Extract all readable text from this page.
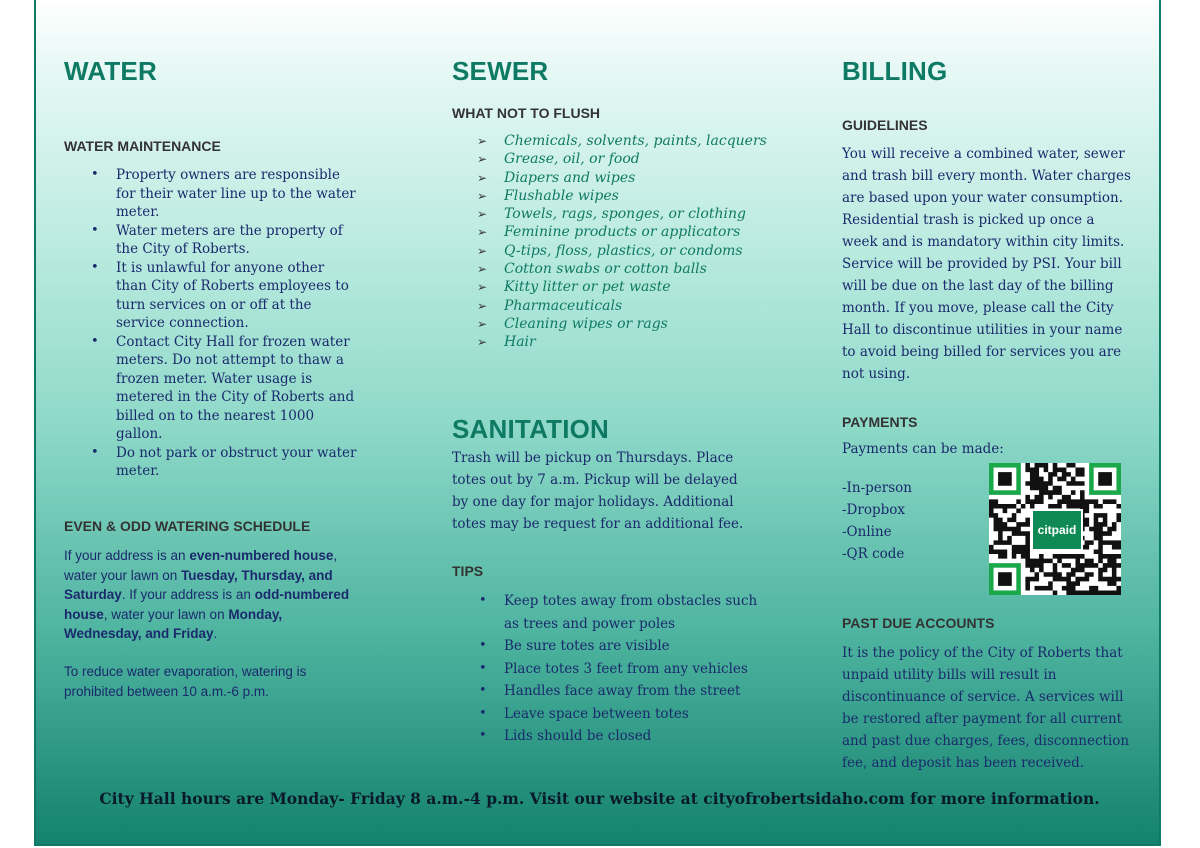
WATER
WATER MAINTENANCE
• Property owners are responsible for their water line up to the water meter.
• Water meters are the property of the City of Roberts.
• It is unlawful for anyone other than City of Roberts employees to turn services on or off at the service connection.
• Contact City Hall for frozen water meters. Do not attempt to thaw a frozen meter. Water usage is metered in the City of Roberts and billed on to the nearest 1000 gallon.
• Do not park or obstruct your water meter.
EVEN & ODD WATERING SCHEDULE
If your address is an even-numbered house, water your lawn on Tuesday, Thursday, and Saturday. If your address is an odd-numbered house, water your lawn on Monday, Wednesday, and Friday.
To reduce water evaporation, watering is prohibited between 10 a.m.-6 p.m.
SEWER
WHAT NOT TO FLUSH
➢ Chemicals, solvents, paints, lacquers
➢ Grease, oil, or food
➢ Diapers and wipes
➢ Flushable wipes
➢ Towels, rags, sponges, or clothing
➢ Feminine products or applicators
➢ Q-tips, floss, plastics, or condoms
➢ Cotton swabs or cotton balls
➢ Kitty litter or pet waste
➢ Pharmaceuticals
➢ Cleaning wipes or rags
➢ Hair
SANITATION
Trash will be pickup on Thursdays. Place totes out by 7 a.m. Pickup will be delayed by one day for major holidays. Additional totes may be request for an additional fee.
TIPS
• Keep totes away from obstacles such as trees and power poles
• Be sure totes are visible
• Place totes 3 feet from any vehicles
• Handles face away from the street
• Leave space between totes
• Lids should be closed
BILLING
GUIDELINES
You will receive a combined water, sewer and trash bill every month. Water charges are based upon your water consumption. Residential trash is picked up once a week and is mandatory within city limits. Service will be provided by PSI. Your bill will be due on the last day of the billing month. If you move, please call the City Hall to discontinue utilities in your name to avoid being billed for services you are not using.
PAYMENTS
Payments can be made:
-In-person
-Dropbox
-Online
-QR code
citpaid
PAST DUE ACCOUNTS
It is the policy of the City of Roberts that unpaid utility bills will result in discontinuance of service. A services will be restored after payment for all current and past due charges, fees, disconnection fee, and deposit has been received.
City Hall hours are Monday- Friday 8 a.m.-4 p.m. Visit our website at cityofrobertsidaho.com for more information.
